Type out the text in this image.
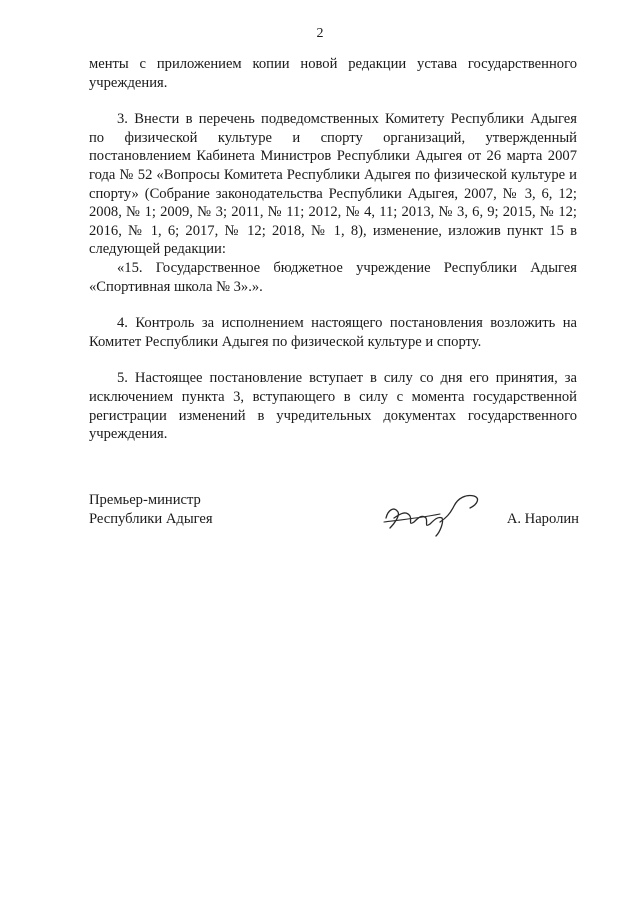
2

менты с приложением копии новой редакции устава государственного учреждения.

3. Внести в перечень подведомственных Комитету Республики Адыгея по физической культуре и спорту организаций, утвержденный постановлением Кабинета Министров Республики Адыгея от 26 марта 2007 года № 52 «Вопросы Комитета Республики Адыгея по физической культуре и спорту» (Собрание законодательства Республики Адыгея, 2007, № 3, 6, 12; 2008, № 1; 2009, № 3; 2011, № 11; 2012, № 4, 11; 2013, № 3, 6, 9; 2015, № 12; 2016, № 1, 6; 2017, № 12; 2018, № 1, 8), изменение, изложив пункт 15 в следующей редакции:

«15. Государственное бюджетное учреждение Республики Адыгея «Спортивная школа № 3».».

4. Контроль за исполнением настоящего постановления возложить на Комитет Республики Адыгея по физической культуре и спорту.

5. Настоящее постановление вступает в силу со дня его принятия, за исключением пункта 3, вступающего в силу с момента государственной регистрации изменений в учредительных документах государственного учреждения.

Премьер-министр
Республики Адыгея	А. Наролин
